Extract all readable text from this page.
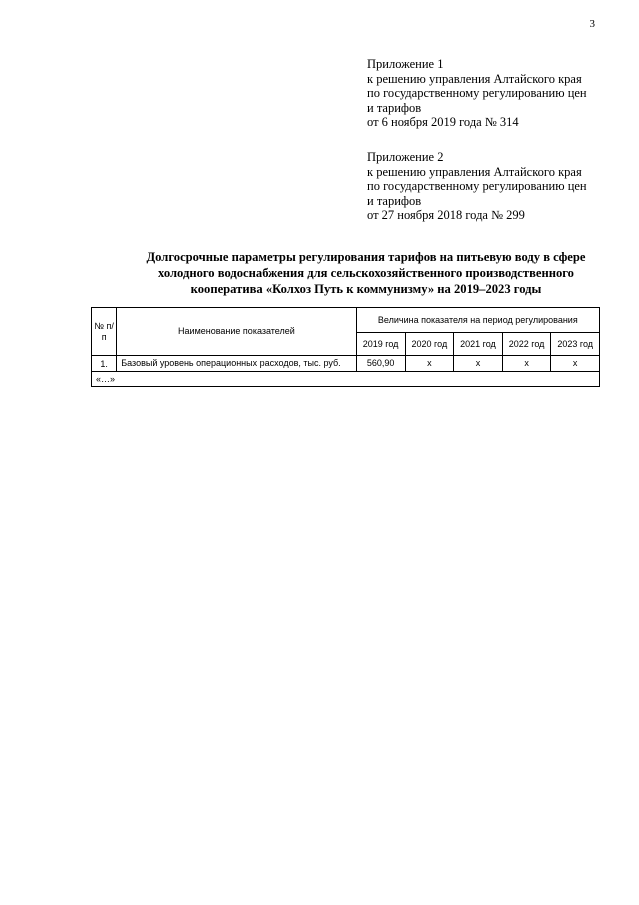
3
Приложение 1
к решению управления Алтайского края
по государственному регулированию цен
и тарифов
от 6 ноября 2019 года № 314
Приложение 2
к решению управления Алтайского края
по государственному регулированию цен
и тарифов
от 27 ноября 2018 года № 299
Долгосрочные параметры регулирования тарифов на питьевую воду в сфере
холодного водоснабжения для сельскохозяйственного производственного
кооператива «Колхоз Путь к коммунизму» на 2019–2023 годы
№ п/п	Наименование показателей	Величина показателя на период регулирования				
		2019 год	2020 год	2021 год	2022 год	2023 год
1.	Базовый уровень операционных расходов, тыс. руб.	560,90	х	х	х	х
«…»						
